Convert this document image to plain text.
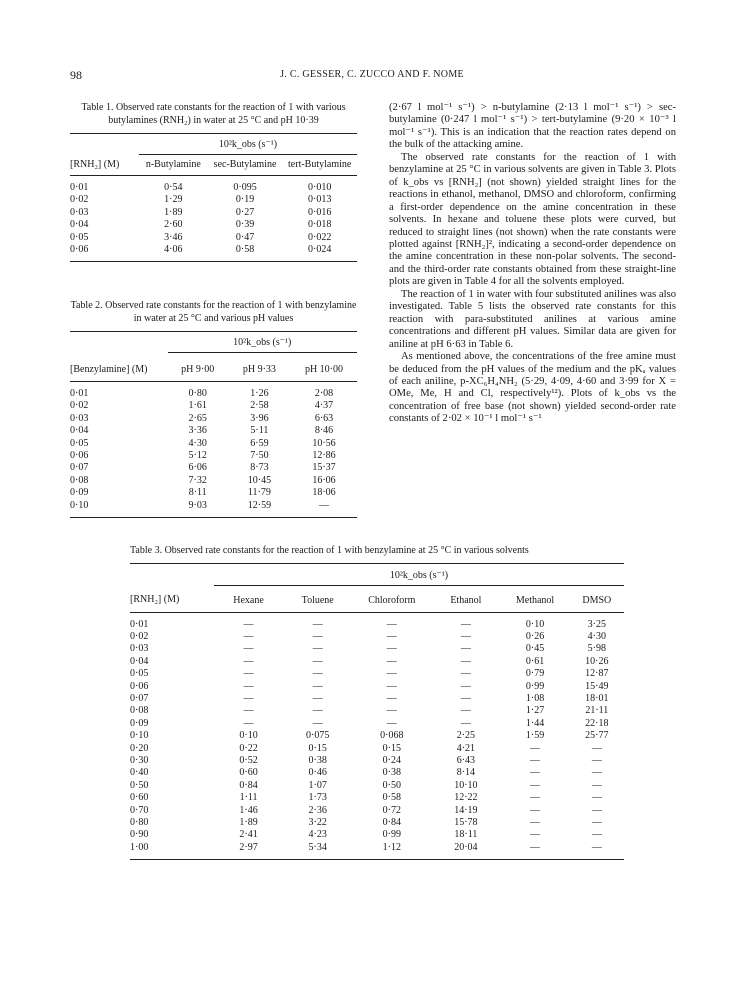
98	J. C. GESSER, C. ZUCCO AND F. NOME
Table 1. Observed rate constants for the reaction of 1 with various butylamines (RNH₂) in water at 25 °C and pH 10·39
	10²k_obs (s⁻¹)		
[RNH₂] (M)	n-Butylamine	sec-Butylamine	tert-Butylamine

0·01	0·54	0·095	0·010
0·02	1·29	0·19	0·013
0·03	1·89	0·27	0·016
0·04	2·60	0·39	0·018
0·05	3·46	0·47	0·022
0·06	4·06	0·58	0·024
Table 2. Observed rate constants for the reaction of 1 with benzylamine in water at 25 °C and various pH values
	10²k_obs (s⁻¹)		
[Benzylamine] (M)	pH 9·00	pH 9·33	pH 10·00

0·01	0·80	1·26	2·08
0·02	1·61	2·58	4·37
0·03	2·65	3·96	6·63
0·04	3·36	5·11	8·46
0·05	4·30	6·59	10·56
0·06	5·12	7·50	12·86
0·07	6·06	8·73	15·37
0·08	7·32	10·45	16·06
0·09	8·11	11·79	18·06
0·10	9·03	12·59	—

(2·67 l mol⁻¹ s⁻¹) > n-butylamine (2·13 l mol⁻¹ s⁻¹) > sec-butylamine (0·247 l mol⁻¹ s⁻¹) > tert-butylamine (9·20 × 10⁻³ l mol⁻¹ s⁻¹). This is an indication that the reaction rates depend on the bulk of the attacking amine.

The observed rate constants for the reaction of 1 with benzylamine at 25 °C in various solvents are given in Table 3. Plots of k_obs vs [RNH₂] (not shown) yielded straight lines for the reactions in ethanol, methanol, DMSO and chloroform, confirming a first-order dependence on the amine concentration in these solvents. In hexane and toluene these plots were curved, but reduced to straight lines (not shown) when the rate constants were plotted against [RNH₂]², indicating a second-order dependence on the amine concentration in these non-polar solvents. The second- and the third-order rate constants obtained from these straight-line plots are given in Table 4 for all the solvents employed.

The reaction of 1 in water with four substituted anilines was also investigated. Table 5 lists the observed rate constants for this reaction with para-substituted anilines at various amine concentrations and different pH values. Similar data are given for aniline at pH 6·63 in Table 6.

As mentioned above, the concentrations of the free amine must be deduced from the pH values of the medium and the pKₐ values of each aniline, p-XC₆H₄NH₂ (5·29, 4·09, 4·60 and 3·99 for X = OMe, Me, H and Cl, respectively¹²). Plots of k_obs vs the concentration of free base (not shown) yielded second-order rate constants of 2·02 × 10⁻¹ l mol⁻¹ s⁻¹

Table 3. Observed rate constants for the reaction of 1 with benzylamine at 25 °C in various solvents
	10²k_obs (s⁻¹)					
[RNH₂] (M)	Hexane	Toluene	Chloroform	Ethanol	Methanol	DMSO

0·01	—	—	—	—	0·10	3·25
0·02	—	—	—	—	0·26	4·30
0·03	—	—	—	—	0·45	5·98
0·04	—	—	—	—	0·61	10·26
0·05	—	—	—	—	0·79	12·87
0·06	—	—	—	—	0·99	15·49
0·07	—	—	—	—	1·08	18·01
0·08	—	—	—	—	1·27	21·11
0·09	—	—	—	—	1·44	22·18
0·10	0·10	0·075	0·068	2·25	1·59	25·77
0·20	0·22	0·15	0·15	4·21	—	—
0·30	0·52	0·38	0·24	6·43	—	—
0·40	0·60	0·46	0·38	8·14	—	—
0·50	0·84	1·07	0·50	10·10	—	—
0·60	1·11	1·73	0·58	12·22	—	—
0·70	1·46	2·36	0·72	14·19	—	—
0·80	1·89	3·22	0·84	15·78	—	—
0·90	2·41	4·23	0·99	18·11	—	—
1·00	2·97	5·34	1·12	20·04	—	—
